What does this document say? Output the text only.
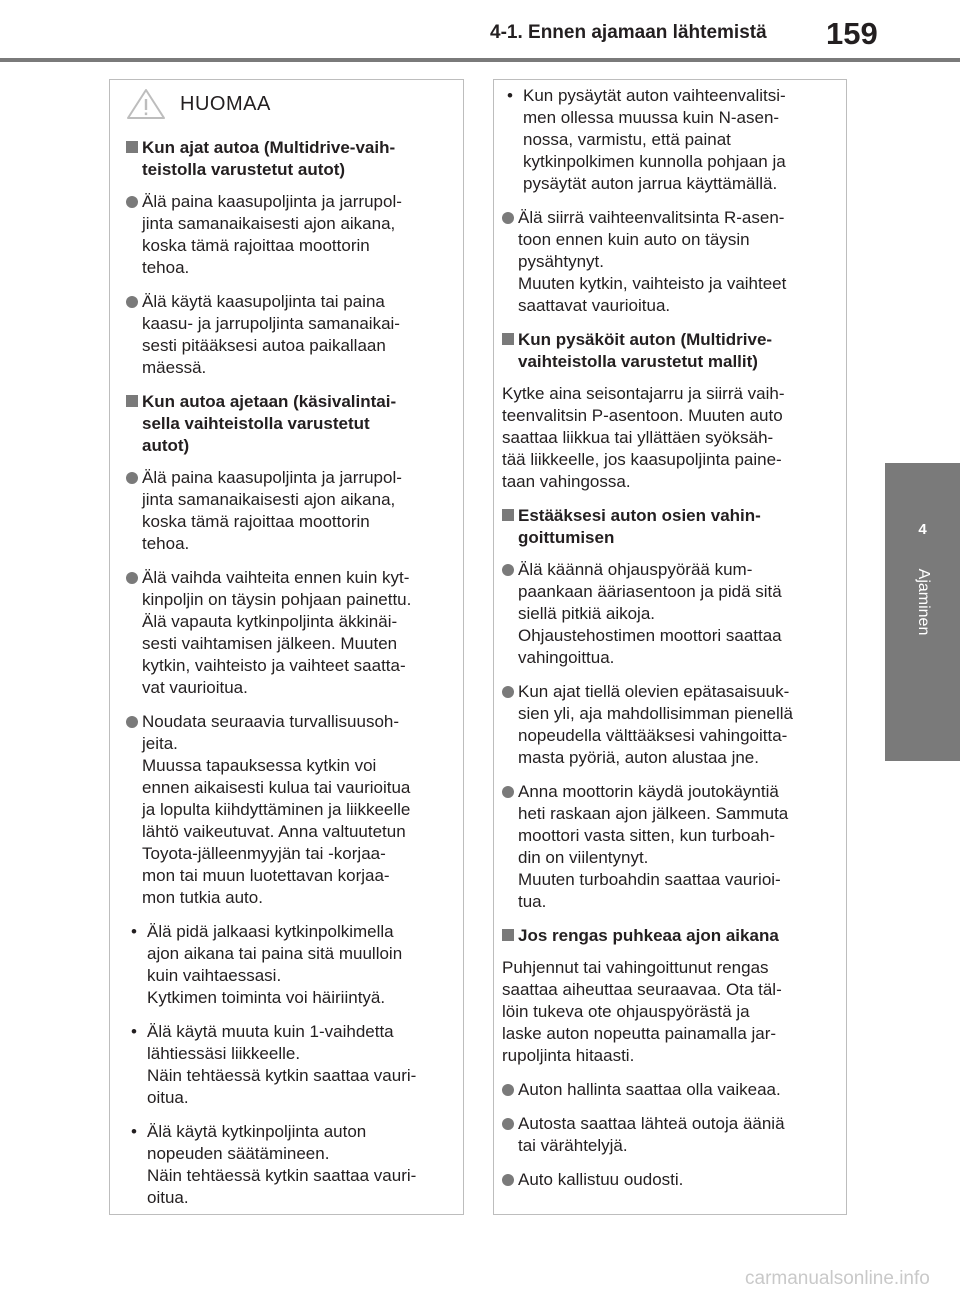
4-1. Ennen ajamaan lähtemistä 159
4
Ajaminen
HUOMAA
Kun ajat autoa (Multidrive-vaih-
teistolla varustetut autot)
Älä paina kaasupoljinta ja jarrupol-
jinta samanaikaisesti ajon aikana,
koska tämä rajoittaa moottorin
tehoa.
Älä käytä kaasupoljinta tai paina
kaasu- ja jarrupoljinta samanaikai-
sesti pitääksesi autoa paikallaan
mäessä.
Kun autoa ajetaan (käsivalintai-
sella vaihteistolla varustetut
autot)
Älä paina kaasupoljinta ja jarrupol-
jinta samanaikaisesti ajon aikana,
koska tämä rajoittaa moottorin
tehoa.
Älä vaihda vaihteita ennen kuin kyt-
kinpoljin on täysin pohjaan painettu.
Älä vapauta kytkinpoljinta äkkinäi-
sesti vaihtamisen jälkeen. Muuten
kytkin, vaihteisto ja vaihteet saatta-
vat vaurioitua.
Noudata seuraavia turvallisuusoh-
jeita.
Muussa tapauksessa kytkin voi
ennen aikaisesti kulua tai vaurioitua
ja lopulta kiihdyttäminen ja liikkeelle
lähtö vaikeutuvat. Anna valtuutetun
Toyota-jälleenmyyjän tai -korjaa-
mon tai muun luotettavan korjaa-
mon tutkia auto.
• Älä pidä jalkaasi kytkinpolkimella
ajon aikana tai paina sitä muulloin
kuin vaihtaessasi.
Kytkimen toiminta voi häiriintyä.
• Älä käytä muuta kuin 1-vaihdetta
lähtiessäsi liikkeelle.
Näin tehtäessä kytkin saattaa vauri-
oitua.
• Älä käytä kytkinpoljinta auton
nopeuden säätämineen.
Näin tehtäessä kytkin saattaa vauri-
oitua.
• Kun pysäytät auton vaihteenvalitsi-
men ollessa muussa kuin N-asen-
nossa, varmistu, että painat
kytkinpolkimen kunnolla pohjaan ja
pysäytät auton jarrua käyttämällä.
Älä siirrä vaihteenvalitsinta R-asen-
toon ennen kuin auto on täysin
pysähtynyt.
Muuten kytkin, vaihteisto ja vaihteet
saattavat vaurioitua.
Kun pysäköit auton (Multidrive-
vaihteistolla varustetut mallit)
Kytke aina seisontajarru ja siirrä vaih-
teenvalitsin P-asentoon. Muuten auto
saattaa liikkua tai yllättäen syöksäh-
tää liikkeelle, jos kaasupoljinta paine-
taan vahingossa.
Estääksesi auton osien vahin-
goittumisen
Älä käännä ohjauspyörää kum-
paankaan ääriasentoon ja pidä sitä
siellä pitkiä aikoja.
Ohjaustehostimen moottori saattaa
vahingoittua.
Kun ajat tiellä olevien epätasaisuuk-
sien yli, aja mahdollisimman pienellä
nopeudella välttääksesi vahingoitta-
masta pyöriä, auton alustaa jne.
Anna moottorin käydä joutokäyntiä
heti raskaan ajon jälkeen. Sammuta
moottori vasta sitten, kun turboah-
din on viilentynyt.
Muuten turboahdin saattaa vaurioi-
tua.
Jos rengas puhkeaa ajon aikana
Puhjennut tai vahingoittunut rengas
saattaa aiheuttaa seuraavaa. Ota täl-
löin tukeva ote ohjauspyörästä ja
laske auton nopeutta painamalla jar-
rupoljinta hitaasti.
Auton hallinta saattaa olla vaikeaa.
Autosta saattaa lähteä outoja ääniä
tai värähtelyjä.
Auto kallistuu oudosti.
carmanualsonline.info
